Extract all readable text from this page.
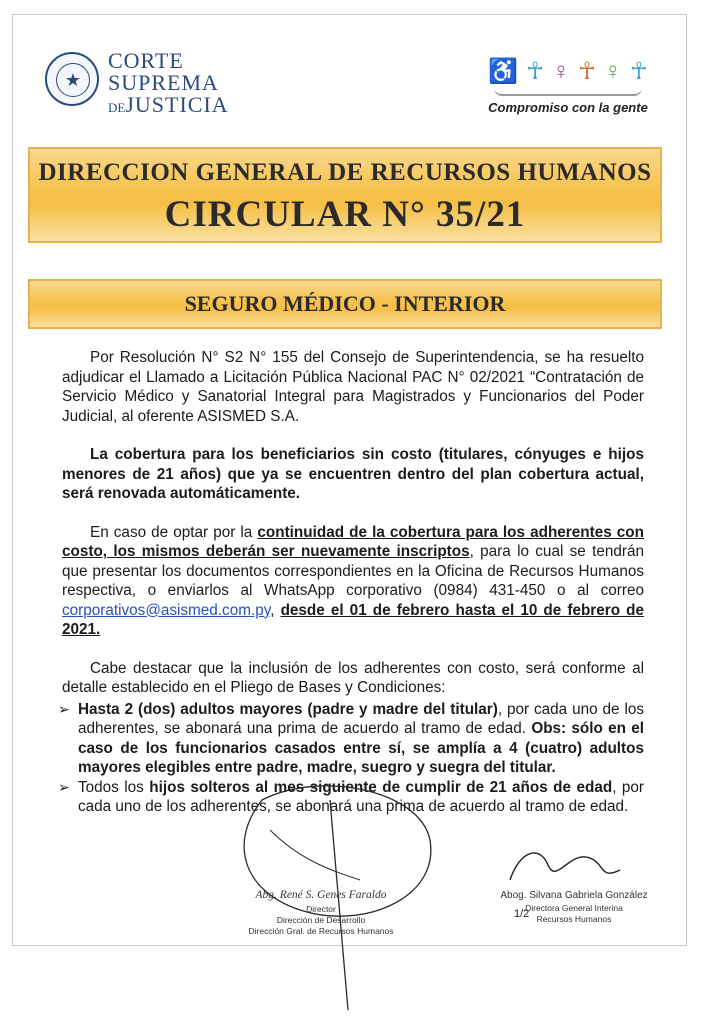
★
CORTE
SUPREMA
DEJUSTICIA
♿ ☥ ♀ ☥ ♀ ☥
Compromiso con la gente
DIRECCION GENERAL DE RECURSOS HUMANOS
CIRCULAR N° 35/21
SEGURO MÉDICO - INTERIOR

Por Resolución N° S2 N° 155 del Consejo de Superintendencia, se ha resuelto adjudicar el Llamado a Licitación Pública Nacional PAC N° 02/2021 “Contratación de Servicio Médico y Sanatorial Integral para Magistrados y Funcionarios del Poder Judicial, al oferente ASISMED S.A.

La cobertura para los beneficiarios sin costo (titulares, cónyuges e hijos menores de 21 años) que ya se encuentren dentro del plan cobertura actual, será renovada automáticamente.

En caso de optar por la continuidad de la cobertura para los adherentes con costo, los mismos deberán ser nuevamente inscriptos, para lo cual se tendrán que presentar los documentos correspondientes en la Oficina de Recursos Humanos respectiva, o enviarlos al WhatsApp corporativo (0984) 431-450 o al correo corporativos@asismed.com.py, desde el 01 de febrero hasta el 10 de febrero de 2021.

Cabe destacar que la inclusión de los adherentes con costo, será conforme al detalle establecido en el Pliego de Bases y Condiciones:

➢ Hasta 2 (dos) adultos mayores (padre y madre del titular), por cada uno de los adherentes, se abonará una prima de acuerdo al tramo de edad. Obs: sólo en el caso de los funcionarios casados entre sí, se amplía a 4 (cuatro) adultos mayores elegibles entre padre, madre, suegro y suegra del titular.
➢ Todos los hijos solteros al mes siguiente de cumplir de 21 años de edad, por cada uno de los adherentes, se abonará una prima de acuerdo al tramo de edad.
Abg. René S. Genes Faraldo
Director
Dirección de Desarrollo
Dirección Gral. de Recursos Humanos
Abog. Silvana Gabriela González
Directora General Interina
Recursos Humanos
1/2
